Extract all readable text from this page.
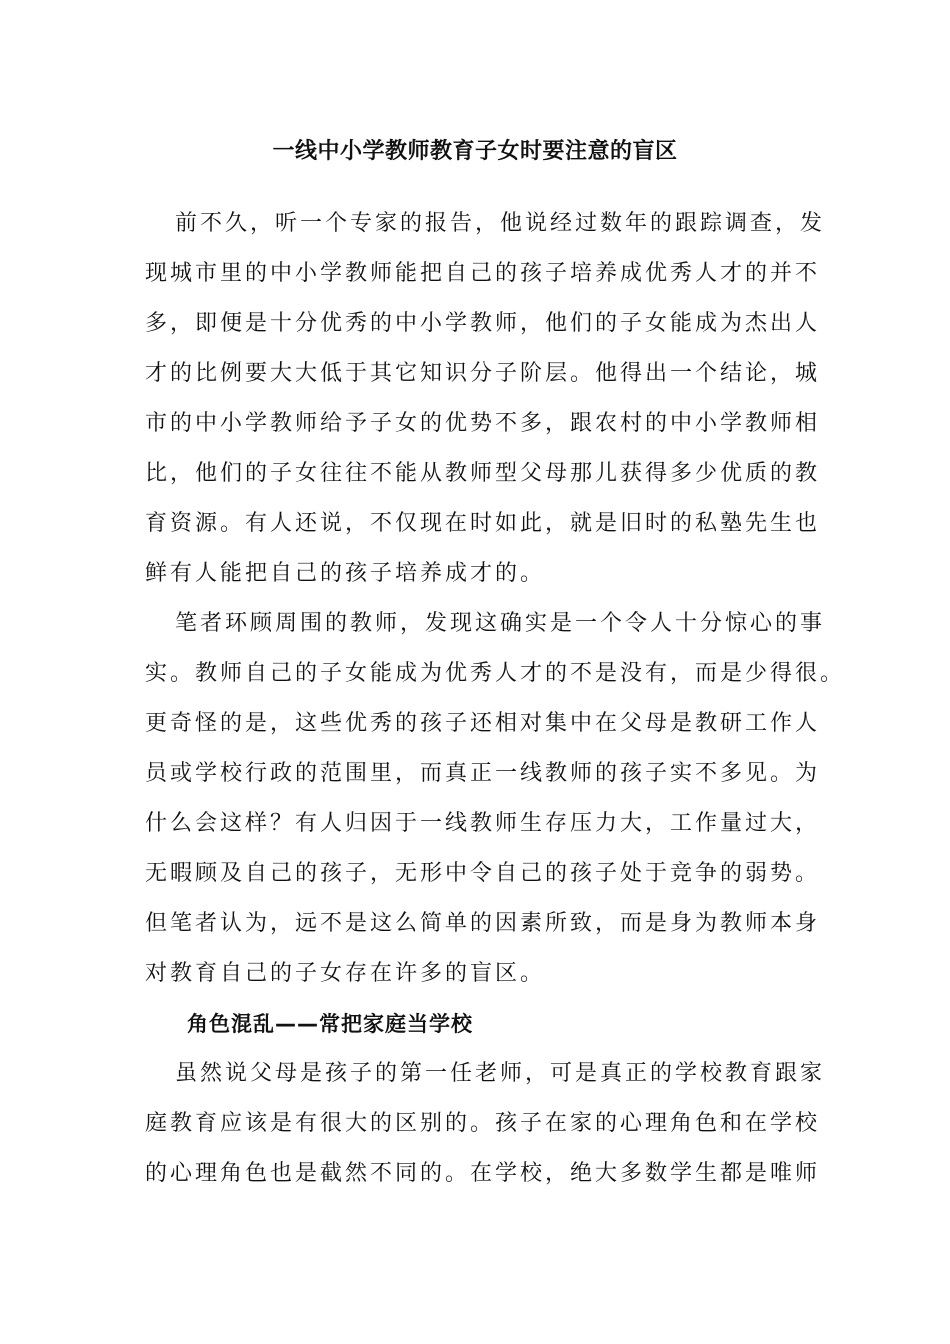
一线中小学教师教育子女时要注意的盲区

前不久，听一个专家的报告，他说经过数年的跟踪调查，发
现城市里的中小学教师能把自己的孩子培养成优秀人才的并不
多，即便是十分优秀的中小学教师，他们的子女能成为杰出人
才的比例要大大低于其它知识分子阶层。他得出一个结论，城
市的中小学教师给予子女的优势不多，跟农村的中小学教师相
比，他们的子女往往不能从教师型父母那儿获得多少优质的教
育资源。有人还说，不仅现在时如此，就是旧时的私塾先生也
鲜有人能把自己的孩子培养成才的。

笔者环顾周围的教师，发现这确实是一个令人十分惊心的事
实。教师自己的子女能成为优秀人才的不是没有，而是少得很。
更奇怪的是，这些优秀的孩子还相对集中在父母是教研工作人
员或学校行政的范围里，而真正一线教师的孩子实不多见。为
什么会这样？有人归因于一线教师生存压力大，工作量过大，
无暇顾及自己的孩子，无形中令自己的孩子处于竞争的弱势。
但笔者认为，远不是这么简单的因素所致，而是身为教师本身
对教育自己的子女存在许多的盲区。

角色混乱——常把家庭当学校

虽然说父母是孩子的第一任老师，可是真正的学校教育跟家
庭教育应该是有很大的区别的。孩子在家的心理角色和在学校
的心理角色也是截然不同的。在学校，绝大多数学生都是唯师
